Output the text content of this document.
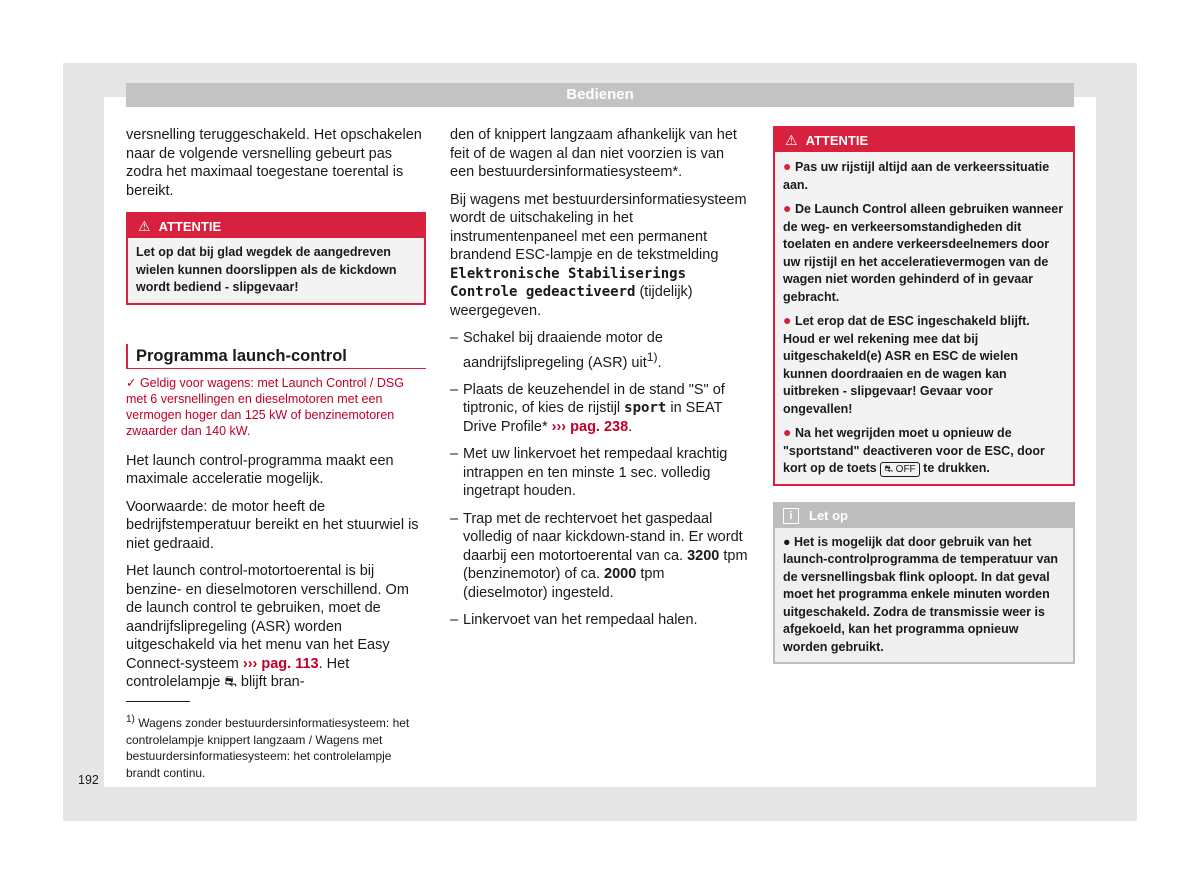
Bedienen

versnelling teruggeschakeld. Het opschakelen naar de volgende versnelling gebeurt pas zodra het maximaal toegestane toerental is bereikt.

⚠ ATTENTIE
Let op dat bij glad wegdek de aangedreven wielen kunnen doorslippen als de kickdown wordt bediend - slipgevaar!
Programma launch-control
✓ Geldig voor wagens: met Launch Control / DSG met 6 versnellingen en dieselmotoren met een vermogen hoger dan 125 kW of benzinemotoren zwaarder dan 140 kW.

Het launch control-programma maakt een maximale acceleratie mogelijk.

Voorwaarde: de motor heeft de bedrijfstemperatuur bereikt en het stuurwiel is niet gedraaid.

Het launch control-motortoerental is bij benzine- en dieselmotoren verschillend. Om de launch control te gebruiken, moet de aandrijfslipregeling (ASR) worden uitgeschakeld via het menu van het Easy Connect-systeem ››› pag. 113. Het controlelampje ⛐ blijft bran-

$^{1)}$ Wagens zonder bestuurdersinformatiesysteem: het controlelampje knippert langzaam / Wagens met bestuurdersinformatiesysteem: het controlelampje brandt continu.

den of knippert langzaam afhankelijk van het feit of de wagen al dan niet voorzien is van een bestuurdersinformatiesysteem*.

Bij wagens met bestuurdersinformatiesysteem wordt de uitschakeling in het instrumentenpaneel met een permanent brandend ESC-lampje en de tekstmelding Elektronische Stabiliserings Controle gedeactiveerd (tijdelijk) weergegeven.

– Schakel bij draaiende motor de aandrijfslipregeling (ASR) uit$^{1)}$.
– Plaats de keuzehendel in de stand "S" of tiptronic, of kies de rijstijl sport in SEAT Drive Profile* ››› pag. 238.
– Met uw linkervoet het rempedaal krachtig intrappen en ten minste 1 sec. volledig ingetrapt houden.
– Trap met de rechtervoet het gaspedaal volledig of naar kickdown-stand in. Er wordt daarbij een motortoerental van ca. 3200 tpm (benzinemotor) of ca. 2000 tpm (dieselmotor) ingesteld.
– Linkervoet van het rempedaal halen.
⚠ ATTENTIE
● Pas uw rijstijl altijd aan de verkeerssituatie aan.
● De Launch Control alleen gebruiken wanneer de weg- en verkeersomstandigheden dit toelaten en andere verkeersdeelnemers door uw rijstijl en het acceleratievermogen van de wagen niet worden gehinderd of in gevaar gebracht.
● Let erop dat de ESC ingeschakeld blijft. Houd er wel rekening mee dat bij uitgeschakeld(e) ASR en ESC de wielen kunnen doordraaien en de wagen kan uitbreken - slipgevaar! Gevaar voor ongevallen!
● Na het wegrijden moet u opnieuw de "sportstand" deactiveren voor de ESC, door kort op de toets ⛐ OFF te drukken.
i Let op
● Het is mogelijk dat door gebruik van het launch-controlprogramma de temperatuur van de versnellingsbak flink oploopt. In dat geval moet het programma enkele minuten worden uitgeschakeld. Zodra de transmissie weer is afgekoeld, kan het programma opnieuw worden gebruikt.
192
